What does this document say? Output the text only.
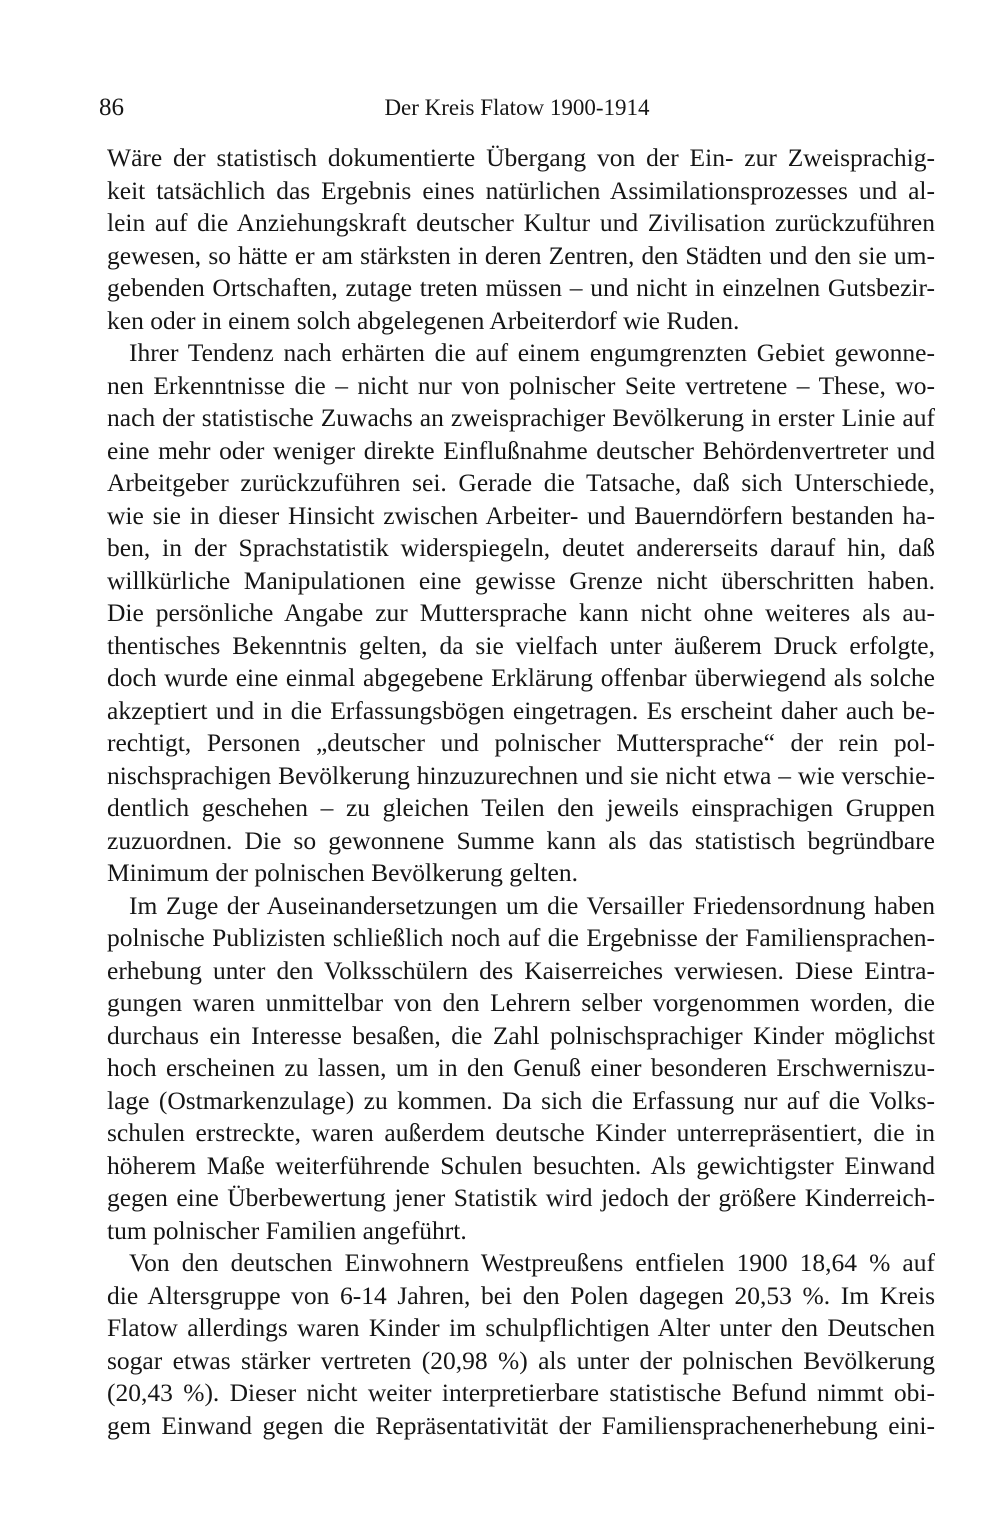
86	Der Kreis Flatow 1900-1914
Wäre der statistisch dokumentierte Übergang von der Ein- zur Zweisprachig-
keit tatsächlich das Ergebnis eines natürlichen Assimilationsprozesses und al-
lein auf die Anziehungskraft deutscher Kultur und Zivilisation zurückzuführen
gewesen, so hätte er am stärksten in deren Zentren, den Städten und den sie um-
gebenden Ortschaften, zutage treten müssen – und nicht in einzelnen Gutsbezir-
ken oder in einem solch abgelegenen Arbeiterdorf wie Ruden.
Ihrer Tendenz nach erhärten die auf einem engumgrenzten Gebiet gewonne-
nen Erkenntnisse die – nicht nur von polnischer Seite vertretene – These, wo-
nach der statistische Zuwachs an zweisprachiger Bevölkerung in erster Linie auf
eine mehr oder weniger direkte Einflußnahme deutscher Behördenvertreter und
Arbeitgeber zurückzuführen sei. Gerade die Tatsache, daß sich Unterschiede,
wie sie in dieser Hinsicht zwischen Arbeiter- und Bauerndörfern bestanden ha-
ben, in der Sprachstatistik widerspiegeln, deutet andererseits darauf hin, daß
willkürliche Manipulationen eine gewisse Grenze nicht überschritten haben.
Die persönliche Angabe zur Muttersprache kann nicht ohne weiteres als au-
thentisches Bekenntnis gelten, da sie vielfach unter äußerem Druck erfolgte,
doch wurde eine einmal abgegebene Erklärung offenbar überwiegend als solche
akzeptiert und in die Erfassungsbögen eingetragen. Es erscheint daher auch be-
rechtigt, Personen „deutscher und polnischer Muttersprache“ der rein pol-
nischsprachigen Bevölkerung hinzuzurechnen und sie nicht etwa – wie verschie-
dentlich geschehen – zu gleichen Teilen den jeweils einsprachigen Gruppen
zuzuordnen. Die so gewonnene Summe kann als das statistisch begründbare
Minimum der polnischen Bevölkerung gelten.
Im Zuge der Auseinandersetzungen um die Versailler Friedensordnung haben
polnische Publizisten schließlich noch auf die Ergebnisse der Familiensprachen-
erhebung unter den Volksschülern des Kaiserreiches verwiesen. Diese Eintra-
gungen waren unmittelbar von den Lehrern selber vorgenommen worden, die
durchaus ein Interesse besaßen, die Zahl polnischsprachiger Kinder möglichst
hoch erscheinen zu lassen, um in den Genuß einer besonderen Erschwerniszu-
lage (Ostmarkenzulage) zu kommen. Da sich die Erfassung nur auf die Volks-
schulen erstreckte, waren außerdem deutsche Kinder unterrepräsentiert, die in
höherem Maße weiterführende Schulen besuchten. Als gewichtigster Einwand
gegen eine Überbewertung jener Statistik wird jedoch der größere Kinderreich-
tum polnischer Familien angeführt.
Von den deutschen Einwohnern Westpreußens entfielen 1900 18,64 % auf
die Altersgruppe von 6-14 Jahren, bei den Polen dagegen 20,53 %. Im Kreis
Flatow allerdings waren Kinder im schulpflichtigen Alter unter den Deutschen
sogar etwas stärker vertreten (20,98 %) als unter der polnischen Bevölkerung
(20,43 %). Dieser nicht weiter interpretierbare statistische Befund nimmt obi-
gem Einwand gegen die Repräsentativität der Familiensprachenerhebung eini-
